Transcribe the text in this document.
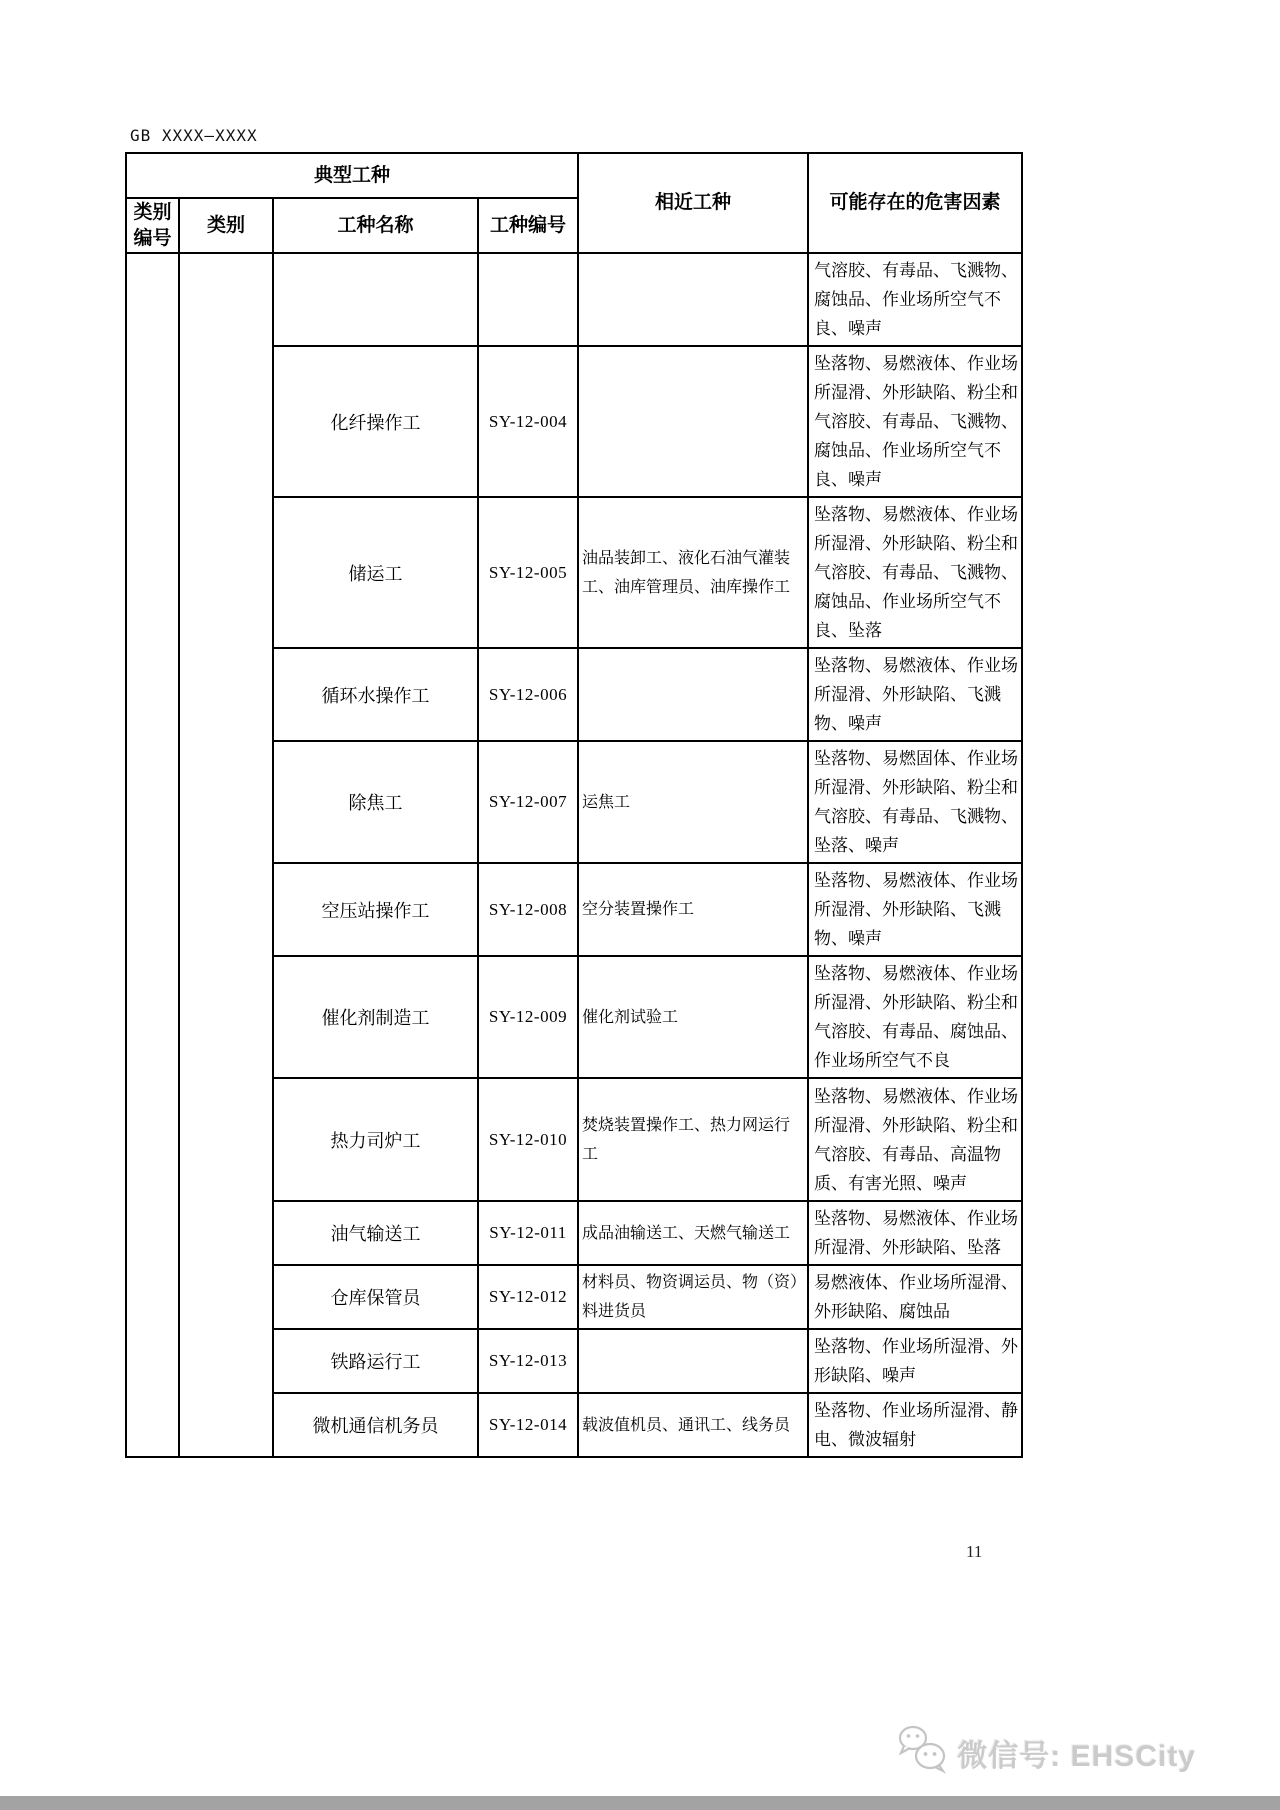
GB XXXX—XXXX
典型工种				相近工种	可能存在的危害因素
类别编号	类别	工种名称	工种编号		
					气溶胶、有毒品、飞溅物、腐蚀品、作业场所空气不良、噪声
		化纤操作工	SY-12-004		坠落物、易燃液体、作业场所湿滑、外形缺陷、粉尘和气溶胶、有毒品、飞溅物、腐蚀品、作业场所空气不良、噪声
		储运工	SY-12-005	油品装卸工、液化石油气灌装工、油库管理员、油库操作工	坠落物、易燃液体、作业场所湿滑、外形缺陷、粉尘和气溶胶、有毒品、飞溅物、腐蚀品、作业场所空气不良、坠落
		循环水操作工	SY-12-006		坠落物、易燃液体、作业场所湿滑、外形缺陷、飞溅物、噪声
		除焦工	SY-12-007	运焦工	坠落物、易燃固体、作业场所湿滑、外形缺陷、粉尘和气溶胶、有毒品、飞溅物、坠落、噪声
		空压站操作工	SY-12-008	空分装置操作工	坠落物、易燃液体、作业场所湿滑、外形缺陷、飞溅物、噪声
		催化剂制造工	SY-12-009	催化剂试验工	坠落物、易燃液体、作业场所湿滑、外形缺陷、粉尘和气溶胶、有毒品、腐蚀品、作业场所空气不良
		热力司炉工	SY-12-010	焚烧装置操作工、热力网运行工	坠落物、易燃液体、作业场所湿滑、外形缺陷、粉尘和气溶胶、有毒品、高温物质、有害光照、噪声
		油气输送工	SY-12-011	成品油输送工、天燃气输送工	坠落物、易燃液体、作业场所湿滑、外形缺陷、坠落
		仓库保管员	SY-12-012	材料员、物资调运员、物（资）料进货员	易燃液体、作业场所湿滑、外形缺陷、腐蚀品
		铁路运行工	SY-12-013		坠落物、作业场所湿滑、外形缺陷、噪声
		微机通信机务员	SY-12-014	载波值机员、通讯工、线务员	坠落物、作业场所湿滑、静电、微波辐射
11
微信号: EHSCity
